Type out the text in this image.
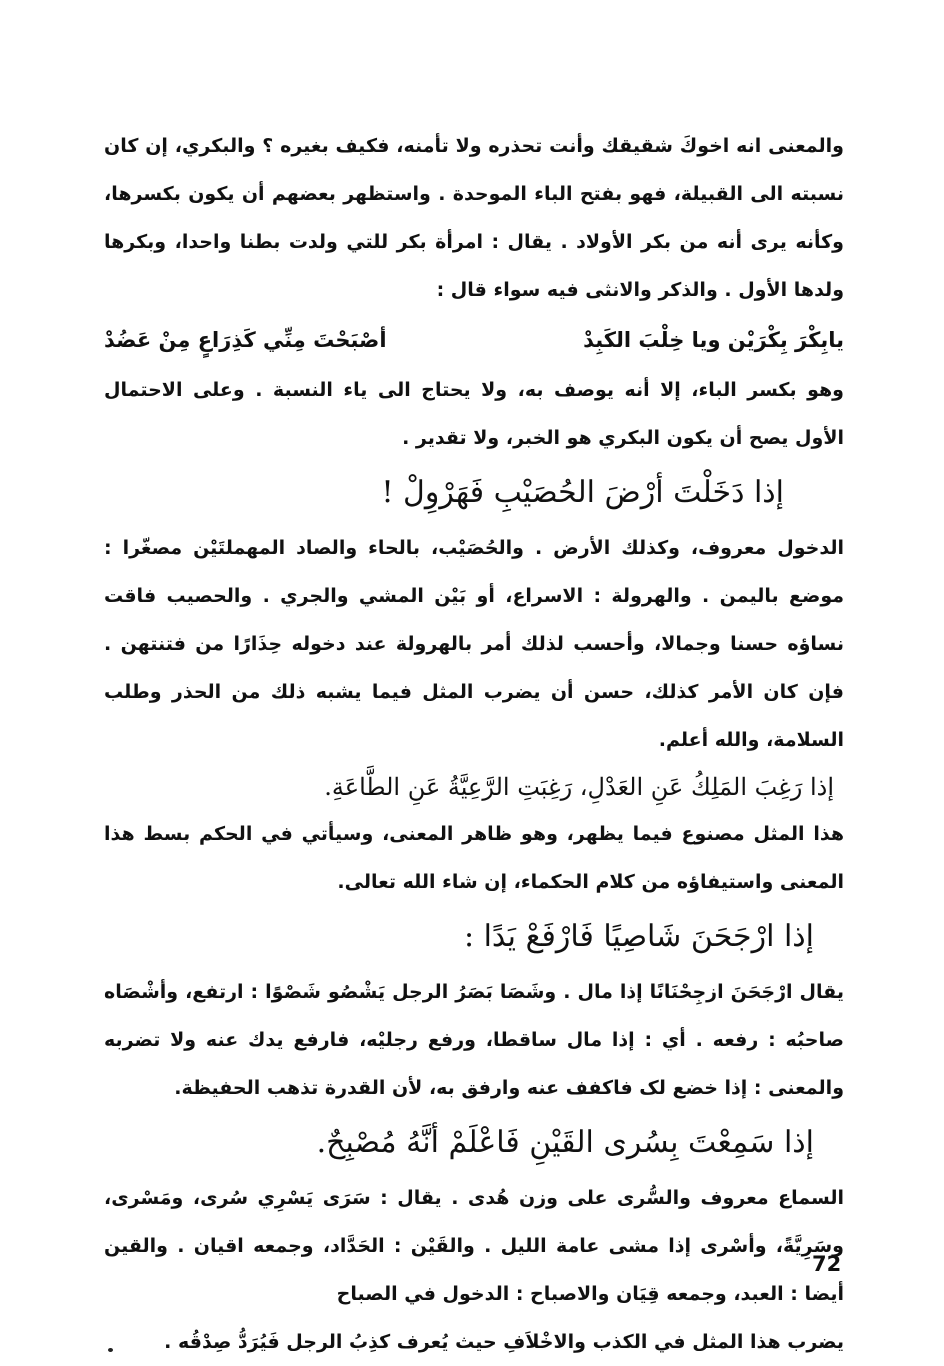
والمعنى انه اخوكَ شقيقك وأنت تحذره ولا تأمنه، فكيف بغيره ؟ والبكري، إن كان نسبته الى القبيلة، فهو بفتح الباء الموحدة . واستظهر بعضهم أن يكون بكسرها، وكأنه يرى أنه من بكر الأولاد . يقال : امرأة بكر للتي ولدت بطنا واحدا، وبكرها ولدها الأول . والذكر والانثى فيه سواء قال :

يابِكْرَ بِكْرَيْن ويا خِلْبَ الكَبِدْ
أصْبَحْتَ مِنِّي كَذِرَاعٍ مِنْ عَضُدْ

وهو بكسر الباء، إلا أنه يوصف به، ولا يحتاج الى ياء النسبة . وعلى الاحتمال الأول يصح أن يكون البكري هو الخبر، ولا تقدير .

إذا دَخَلْتَ أرْضَ الحُصَيْبِ فَهَرْوِلْ !

الدخول معروف، وكذلك الأرض . والحُصَيْب، بالحاء والصاد المهملتَيْن مصغّرا : موضع باليمن . والهرولة : الاسراع، أو بَيْن المشي والجري . والحصيب فاقت نساؤه حسنا وجمالا، وأحسب لذلك أمر بالهرولة عند دخوله حِذَارًا من فتنتهن . فإن كان الأمر كذلك، حسن أن يضرب المثل فيما يشبه ذلك من الحذر وطلب السلامة، والله أعلم.

إذا رَغِبَ المَلِكُ عَنِ العَدْلِ، رَغِبَتِ الرَّعِيَّةُ عَنِ الطَّاعَةِ.

هذا المثل مصنوع فيما يظهر، وهو ظاهر المعنى، وسيأتي في الحكم بسط هذا المعنى واستيفاؤه من كلام الحكماء، إن شاء الله تعالى.

إذا ارْجَحَنَ شَاصِيًا فَارْفَعْ يَدًا :

يقال ارْجَحَنَ ازجِحْنَانًا إذا مال . وشَصَا بَصَرُ الرجل يَشْصُو شَصْوًا : ارتفع، وأشْصَاه صاحبُه : رفعه . أي : إذا مال ساقطا، ورفع رجليْه، فارفع يدك عنه ولا تضربه والمعنى : إذا خضع لک فاكفف عنه وارفق به، لأن القدرة تذهب الحفيظة.

إذا سَمِعْتَ بِسُرى القَيْنِ فَاعْلَمْ أنَّهُ مُصْبِحٌ.

السماع معروف والسُّرى على وزن هُدى . يقال : سَرَى يَسْرِي سُرى، ومَسْرى، وسَرِيَّةً، وأسْرى إذا مشى عامة الليل . والقَيْن : الحَدَّاد، وجمعه اقيان . والقين أيضا : العبد، وجمعه قِيَان والاصباح : الدخول في الصباح

يضرب هذا المثل في الكذب والاخْلاَفِ حيث يُعرف كذِبُ الرجل فَيُرَدُّ صِدْقُه .

72
